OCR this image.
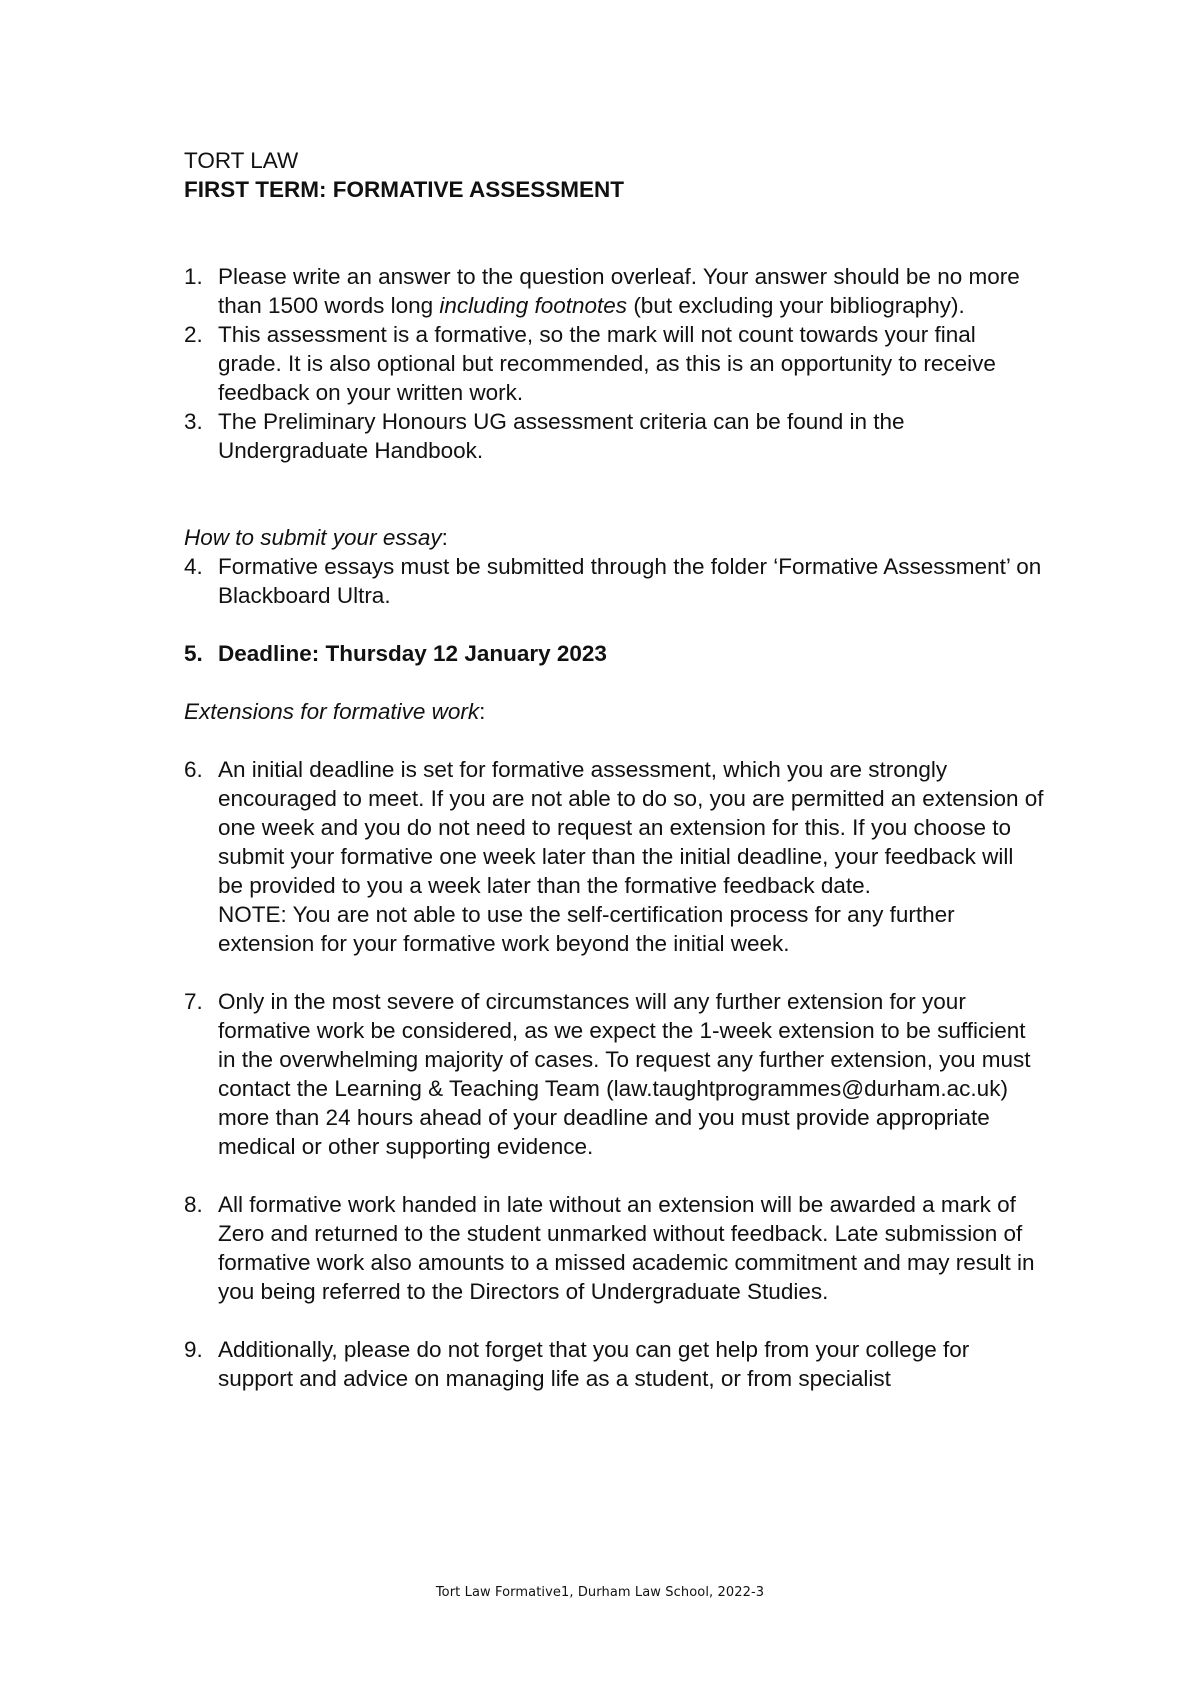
TORT LAW

FIRST TERM: FORMATIVE ASSESSMENT

1. Please write an answer to the question overleaf. Your answer should be no more than 1500 words long including footnotes (but excluding your bibliography).

2. This assessment is a formative, so the mark will not count towards your final grade. It is also optional but recommended, as this is an opportunity to receive feedback on your written work.

3. The Preliminary Honours UG assessment criteria can be found in the Undergraduate Handbook.

How to submit your essay:

4. Formative essays must be submitted through the folder ‘Formative Assessment’ on Blackboard Ultra.

5. Deadline: Thursday 12 January 2023

Extensions for formative work:

6. An initial deadline is set for formative assessment, which you are strongly encouraged to meet. If you are not able to do so, you are permitted an extension of one week and you do not need to request an extension for this. If you choose to submit your formative one week later than the initial deadline, your feedback will be provided to you a week later than the formative feedback date.

NOTE: You are not able to use the self-certification process for any further extension for your formative work beyond the initial week.

7. Only in the most severe of circumstances will any further extension for your formative work be considered, as we expect the 1-week extension to be sufficient in the overwhelming majority of cases. To request any further extension, you must contact the Learning & Teaching Team (law.taughtprogrammes@durham.ac.uk) more than 24 hours ahead of your deadline and you must provide appropriate medical or other supporting evidence.

8. All formative work handed in late without an extension will be awarded a mark of Zero and returned to the student unmarked without feedback. Late submission of formative work also amounts to a missed academic commitment and may result in you being referred to the Directors of Undergraduate Studies.

9. Additionally, please do not forget that you can get help from your college for support and advice on managing life as a student, or from specialist

Tort Law Formative1, Durham Law School, 2022-3
